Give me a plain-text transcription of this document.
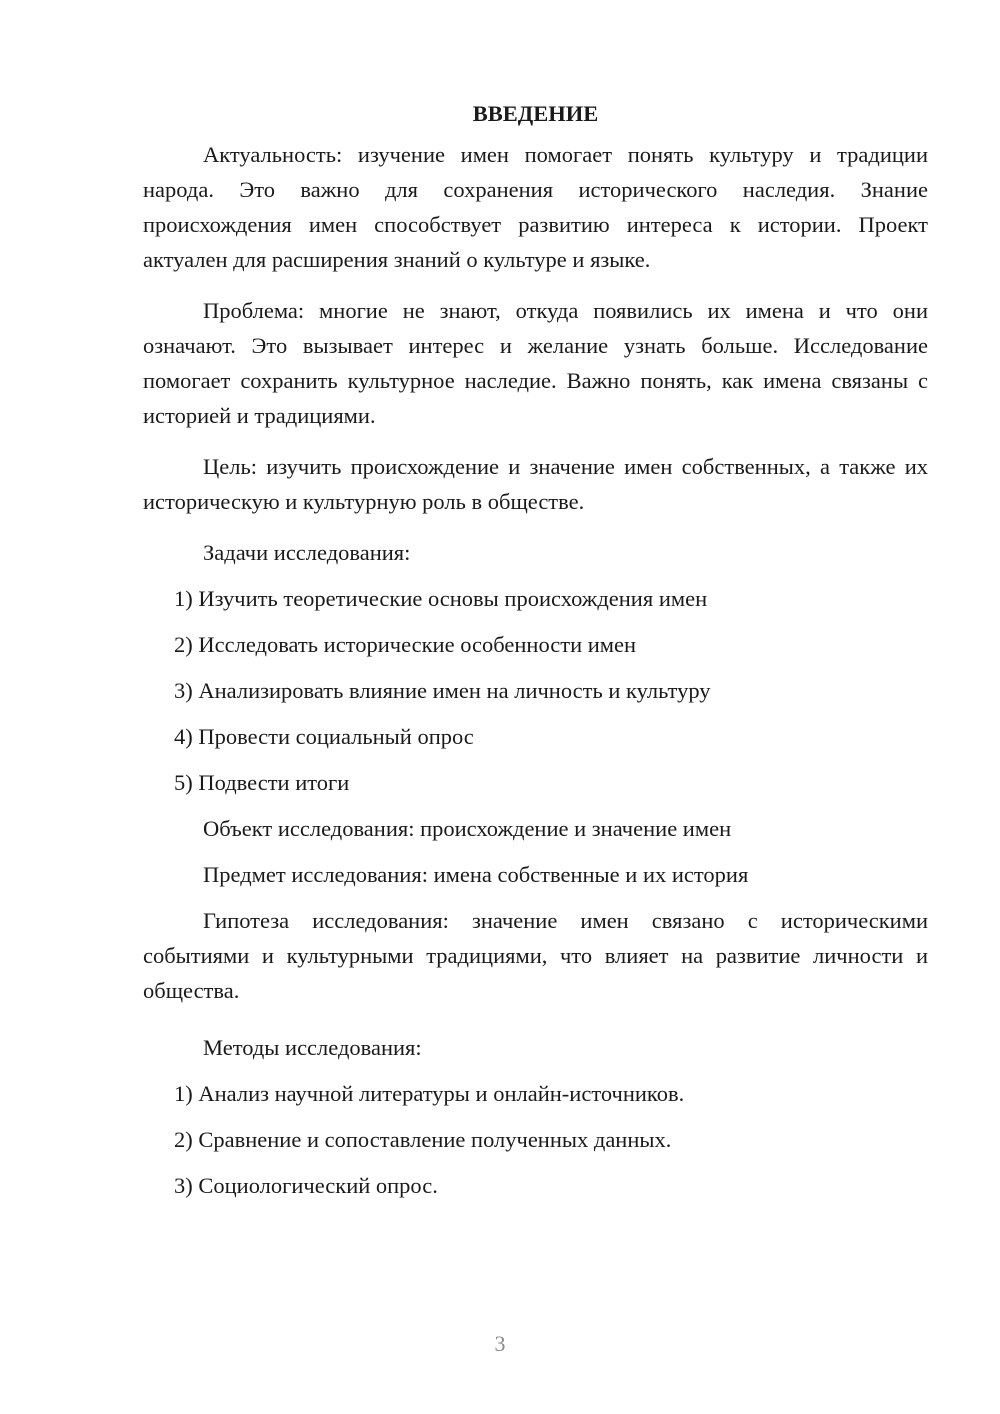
ВВЕДЕНИЕ

Актуальность: изучение имен помогает понять культуру и традиции народа. Это важно для сохранения исторического наследия. Знание происхождения имен способствует развитию интереса к истории. Проект актуален для расширения знаний о культуре и языке.

Проблема: многие не знают, откуда появились их имена и что они означают. Это вызывает интерес и желание узнать больше. Исследование помогает сохранить культурное наследие. Важно понять, как имена связаны с историей и традициями.

Цель: изучить происхождение и значение имен собственных, а также их историческую и культурную роль в обществе.

Задачи исследования:
1) Изучить теоретические основы происхождения имен
2) Исследовать исторические особенности имен
3) Анализировать влияние имен на личность и культуру
4) Провести социальный опрос
5) Подвести итоги
Объект исследования: происхождение и значение имен
Предмет исследования: имена собственные и их история

Гипотеза исследования: значение имен связано с историческими событиями и культурными традициями, что влияет на развитие личности и общества.

Методы исследования:
1) Анализ научной литературы и онлайн-источников.
2) Сравнение и сопоставление полученных данных.
3) Социологический опрос.
3
